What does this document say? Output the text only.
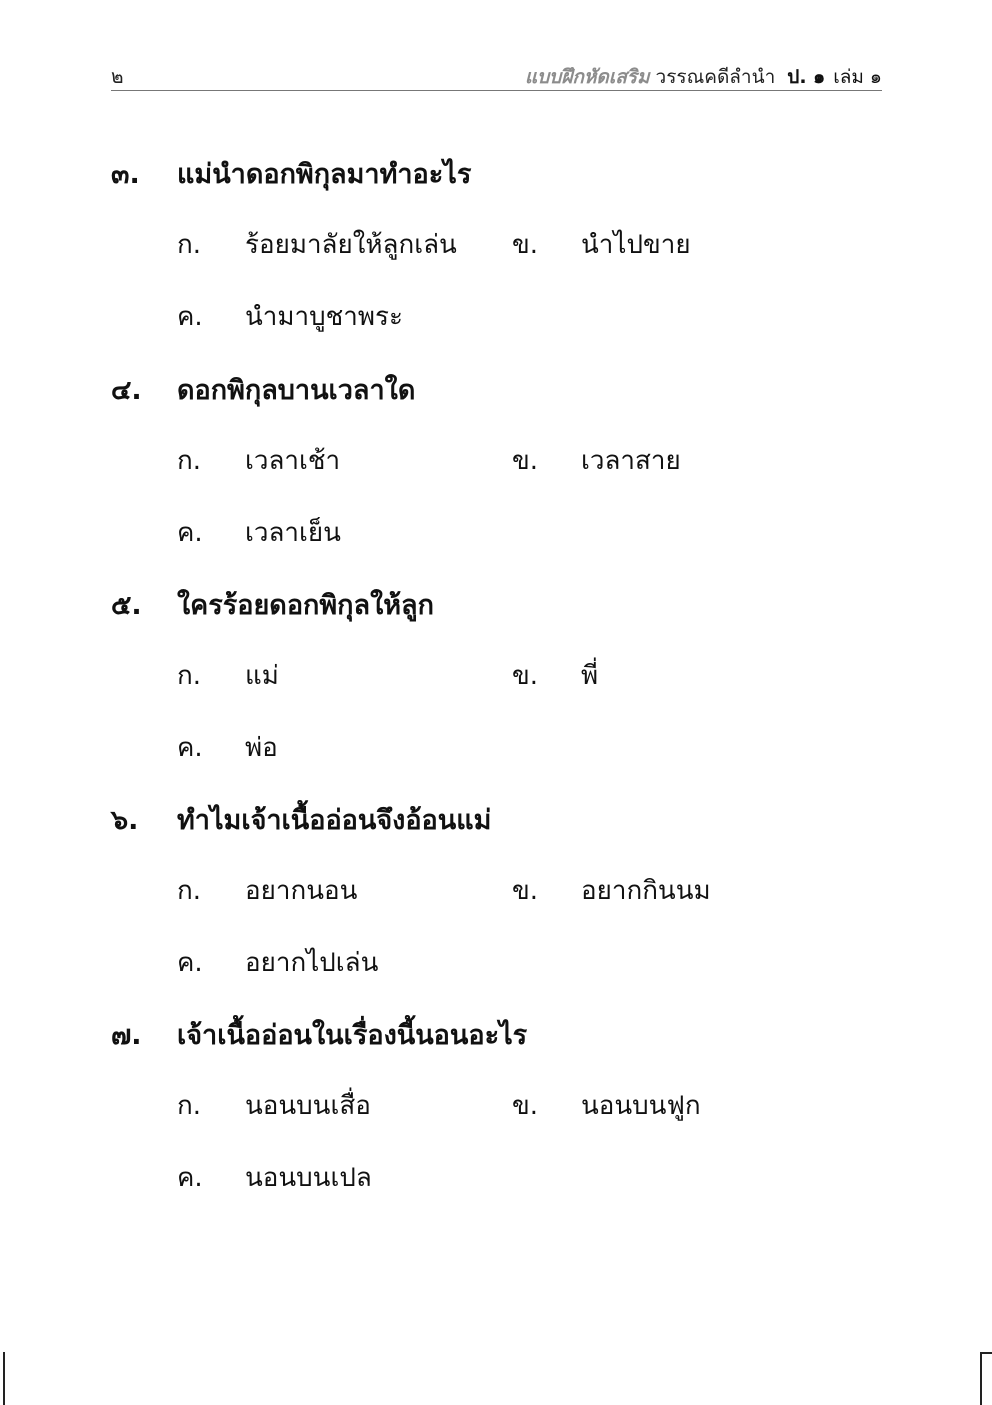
๒	แบบฝึกหัดเสริม วรรณคดีลำนำ ป. ๑ เล่ม ๑
๓. แม่นำดอกพิกุลมาทำอะไร
ก. ร้อยมาลัยให้ลูกเล่น ข. นำไปขาย
ค. นำมาบูชาพระ
๔. ดอกพิกุลบานเวลาใด
ก. เวลาเช้า	ข. เวลาสาย
ค. เวลาเย็น
๕. ใครร้อยดอกพิกุลให้ลูก
ก. แม่	ข. พี่
ค. พ่อ
๖. ทำไมเจ้าเนื้ออ่อนจึงอ้อนแม่
ก. อยากนอน	ข. อยากกินนม
ค. อยากไปเล่น
๗. เจ้าเนื้ออ่อนในเรื่องนี้นอนอะไร
ก. นอนบนเสื่อ	ข. นอนบนฟูก
ค. นอนบนเปล
